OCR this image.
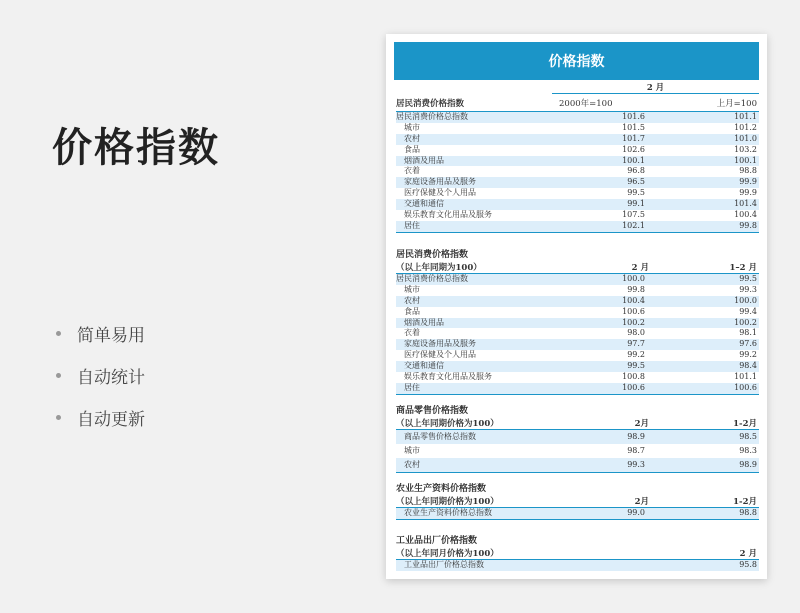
价格指数
简单易用
自动统计
自动更新
价格指数
2 月
居民消费价格指数	2000年=100	上月=100
居民消费价格总指数	101.6	101.1
城市	101.5	101.2
农村	101.7	101.0
食品	102.6	103.2
烟酒及用品	100.1	100.1
衣着	96.8	98.8
家庭设备用品及服务	96.5	99.9
医疗保健及个人用品	99.5	99.9
交通和通信	99.1	101.4
娱乐教育文化用品及服务	107.5	100.4
居住	102.1	99.8
居民消费价格指数
（以上年同期为100）	2 月	1–2 月
居民消费价格总指数	100.0	99.5
城市	99.8	99.3
农村	100.4	100.0
食品	100.6	99.4
烟酒及用品	100.2	100.2
衣着	98.0	98.1
家庭设备用品及服务	97.7	97.6
医疗保健及个人用品	99.2	99.2
交通和通信	99.5	98.4
娱乐教育文化用品及服务	100.8	101.1
居住	100.6	100.6
商品零售价格指数
（以上年同期价格为100）	2月	1-2月
商品零售价格总指数	98.9	98.5
城市	98.7	98.3
农村	99.3	98.9
农业生产资料价格指数
（以上年同期价格为100）	2月	1-2月
农业生产资料价格总指数	99.0	98.8
工业品出厂价格指数
（以上年同月价格为100）	2 月
工业品出厂价格总指数	95.8
